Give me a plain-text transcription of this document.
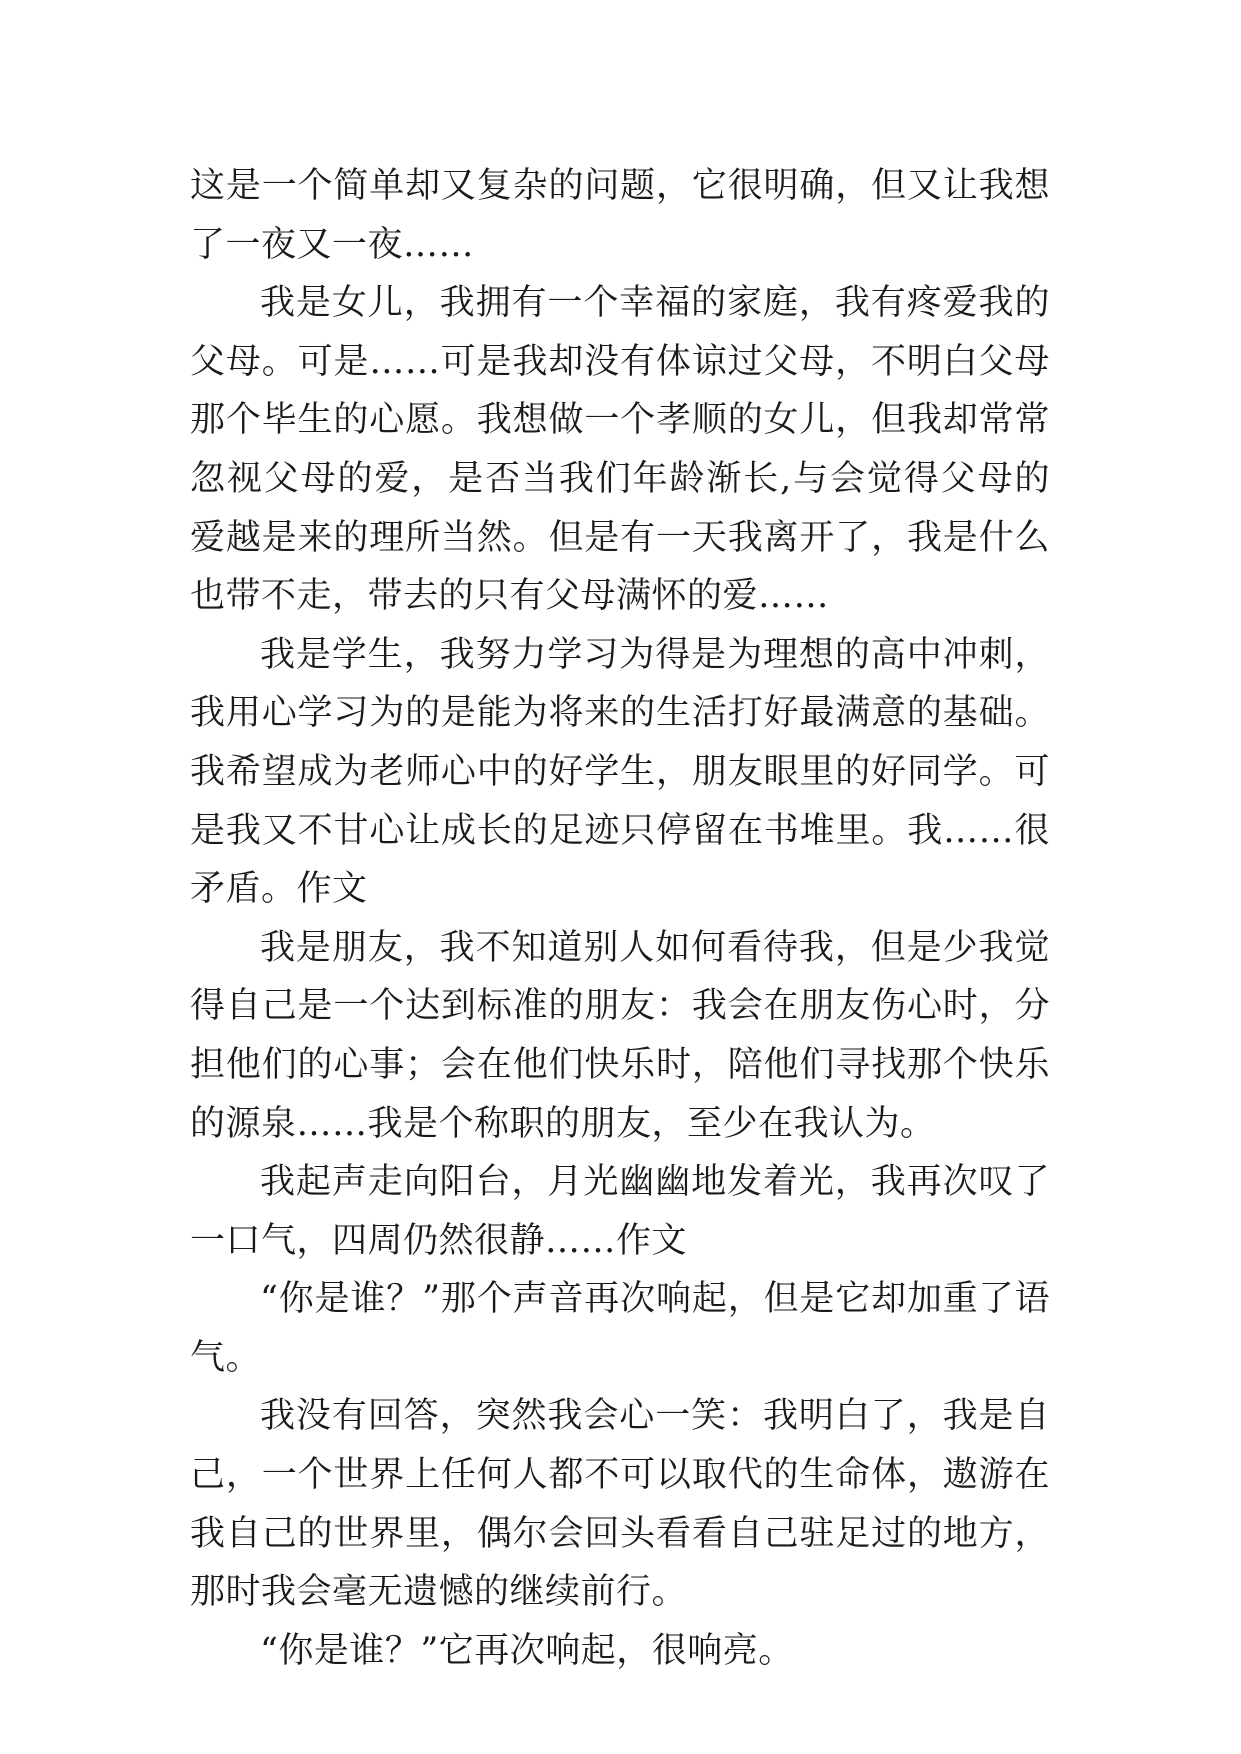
这是一个简单却又复杂的问题，它很明确，但又让我想了一夜又一夜……

我是女儿，我拥有一个幸福的家庭，我有疼爱我的父母。可是……可是我却没有体谅过父母，不明白父母那个毕生的心愿。我想做一个孝顺的女儿，但我却常常忽视父母的爱，是否当我们年龄渐长,与会觉得父母的爱越是来的理所当然。但是有一天我离开了，我是什么也带不走，带去的只有父母满怀的爱……

我是学生，我努力学习为得是为理想的高中冲刺，我用心学习为的是能为将来的生活打好最满意的基础。我希望成为老师心中的好学生，朋友眼里的好同学。可是我又不甘心让成长的足迹只停留在书堆里。我……很矛盾。作文

我是朋友，我不知道别人如何看待我，但是少我觉得自己是一个达到标准的朋友：我会在朋友伤心时，分担他们的心事；会在他们快乐时，陪他们寻找那个快乐的源泉……我是个称职的朋友，至少在我认为。

我起声走向阳台，月光幽幽地发着光，我再次叹了一口气，四周仍然很静……作文

“你是谁？”那个声音再次响起，但是它却加重了语气。

我没有回答，突然我会心一笑：我明白了，我是自己，一个世界上任何人都不可以取代的生命体，遨游在我自己的世界里，偶尔会回头看看自己驻足过的地方，那时我会毫无遗憾的继续前行。

“你是谁？”它再次响起，很响亮。
